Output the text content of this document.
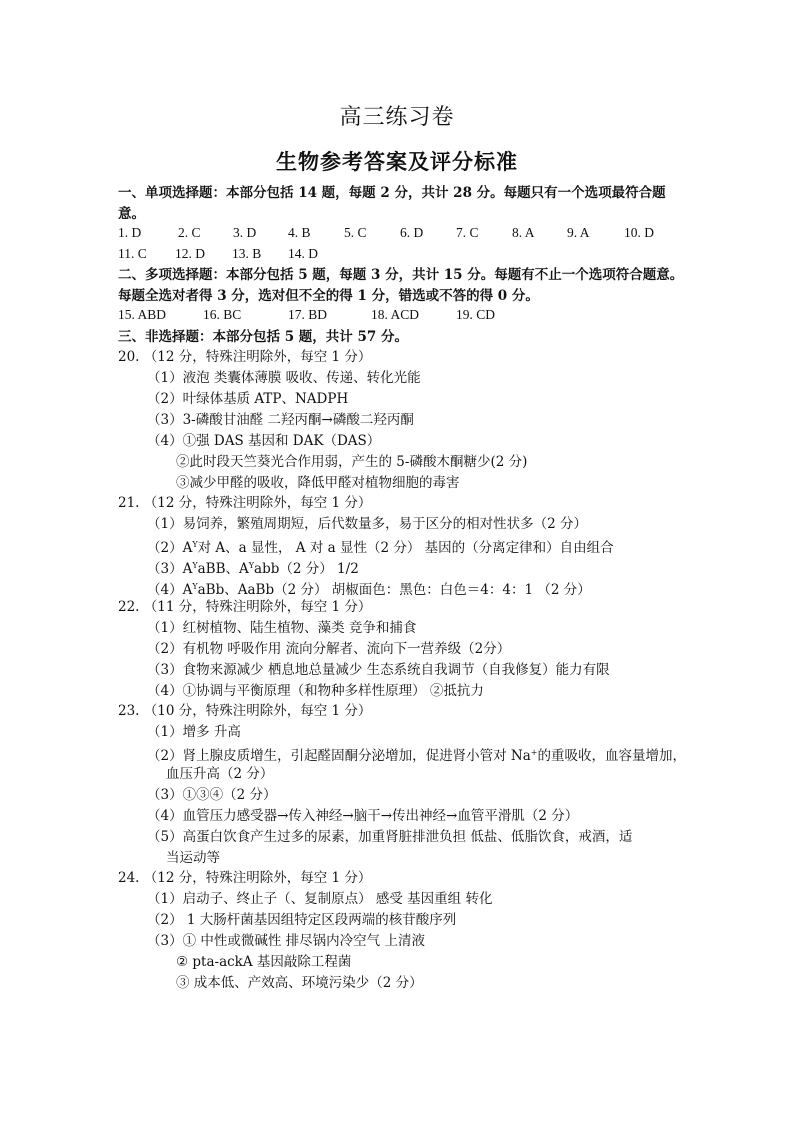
高三练习卷
生物参考答案及评分标准
一、单项选择题：本部分包括 14 题，每题 2 分，共计 28 分。每题只有一个选项最符合题
意。
1. D	2. C 3. D 4. B 5. C 6. D 7. C 8. A 9. A	10. D
11. C 12. D 13. B 14. D
二、多项选择题：本部分包括 5 题，每题 3 分，共计 15 分。每题有不止一个选项符合题意。
每题全选对者得 3 分，选对但不全的得 1 分，错选或不答的得 0 分。
15. ABD	16. BC	17. BD	18. ACD	19. CD
三、非选择题：本部分包括 5 题，共计 57 分。
20. （12 分，特殊注明除外，每空 1 分）
（1）液泡 类囊体薄膜 吸收、传递、转化光能
（2）叶绿体基质 ATP、NADPH
（3）3-磷酸甘油醛 二羟丙酮→磷酸二羟丙酮
（4）①强 DAS 基因和 DAK（DAS）
②此时段天竺葵光合作用弱，产生的 5-磷酸木酮糖少(2 分)
③减少甲醛的吸收，降低甲醛对植物细胞的毒害
21. （12 分，特殊注明除外，每空 1 分）
（1）易饲养，繁殖周期短，后代数量多，易于区分的相对性状多（2 分）
$(2)A^Y$对 A、a 显性， A 对 a 显性（2 分） 基因的（分离定律和）自由组合
$(3)A^YaBB$、$A^Yabb(2$ 分） 1/2
$(4)A^YaBb$、AaBb（2 分） 胡椒面色：黑色：白色＝4：4：1 （2 分）
22. （11 分，特殊注明除外，每空 1 分）
（1）红树植物、陆生植物、藻类 竞争和捕食
（2）有机物 呼吸作用 流向分解者、流向下一营养级（2分）
（3）食物来源减少 栖息地总量减少 生态系统自我调节（自我修复）能力有限
（4）①协调与平衡原理（和物种多样性原理） ②抵抗力
23. （10 分，特殊注明除外，每空 1 分）
（1）增多 升高
（2）肾上腺皮质增生，引起醛固酮分泌增加，促进肾小管对 Na+的重吸收，血容量增加，
血压升高（2 分）
（3）①③④（2 分）
（4）血管压力感受器→传入神经→脑干→传出神经→血管平滑肌（2 分）
（5）高蛋白饮食产生过多的尿素，加重肾脏排泄负担 低盐、低脂饮食，戒酒，适
当运动等
24. （12 分，特殊注明除外，每空 1 分）
（1）启动子、终止子（、复制原点） 感受 基因重组 转化
（2） 1 大肠杆菌基因组特定区段两端的核苷酸序列
（3）① 中性或微碱性 排尽锅内冷空气 上清液
② pta-ackA 基因敲除工程菌
③ 成本低、产效高、环境污染少（2 分）
